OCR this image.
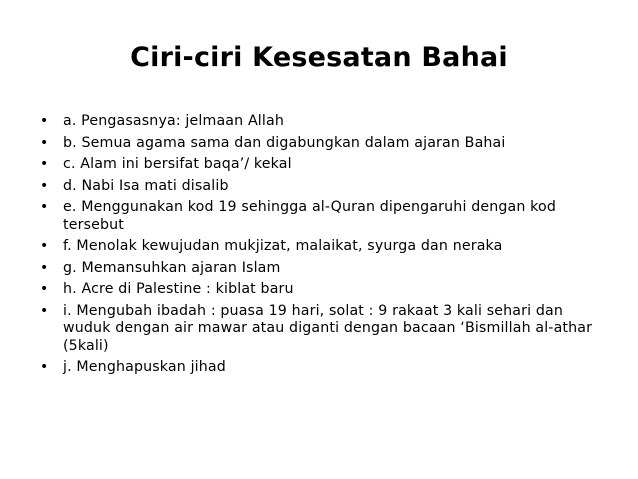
Ciri-ciri Kesesatan Bahai
• a. Pengasasnya: jelmaan Allah
• b. Semua agama sama dan digabungkan dalam ajaran Bahai
• c. Alam ini bersifat baqa’/ kekal
• d. Nabi Isa mati disalib
• e. Menggunakan kod 19 sehingga al-Quran dipengaruhi dengan kod tersebut
• f. Menolak kewujudan mukjizat, malaikat, syurga dan neraka
• g. Memansuhkan ajaran Islam
• h. Acre di Palestine : kiblat baru
• i. Mengubah ibadah : puasa 19 hari, solat : 9 rakaat 3 kali sehari dan wuduk dengan air mawar atau diganti dengan bacaan ‘Bismillah al-athar (5kali)
• j. Menghapuskan jihad
